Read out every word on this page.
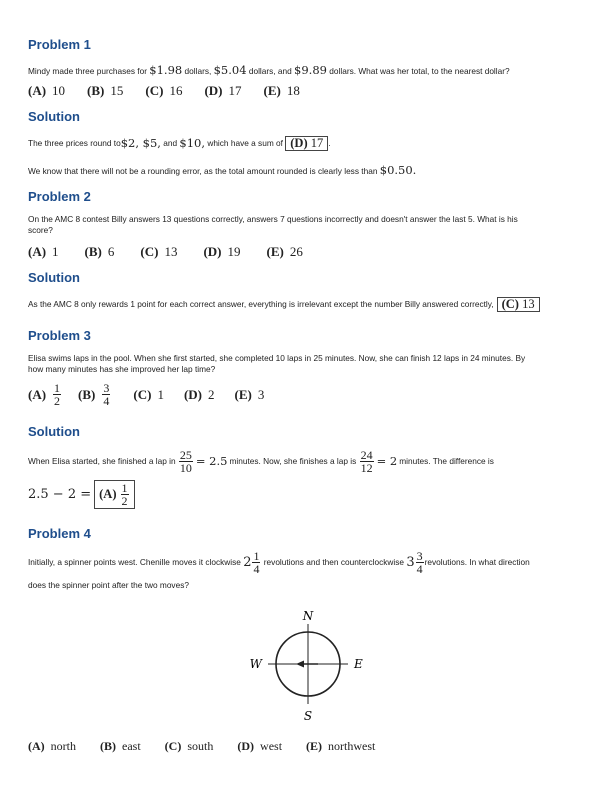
Problem 1
Mindy made three purchases for $1.98 dollars, $5.04 dollars, and $9.89 dollars. What was her total, to the nearest dollar?
(A) 10 (B) 15 (C) 16 (D) 17 (E) 18
Solution
The three prices round to $2, $5, and $10, which have a sum of (D) 17 .
We know that there will not be a rounding error, as the total amount rounded is clearly less than $0.50.
Problem 2
On the AMC 8 contest Billy answers 13 questions correctly, answers 7 questions incorrectly and doesn't answer the last 5. What is his
score?
(A) 1 (B) 6 (C) 13 (D) 19 (E) 26
Solution
As the AMC 8 only rewards 1 point for each correct answer, everything is irrelevant except the number Billy answered correctly, (C) 13
Problem 3
Elisa swims laps in the pool. When she first started, she completed 10 laps in 25 minutes. Now, she can finish 12 laps in 24 minutes. By
how many minutes has she improved her lap time?
$(A) \frac{1}{2} (B) \frac{3}{4} (C)$ 1 (D) 2 (E) 3
Solution
When Elisa started, she finished a lap in $\frac{25}{10} = 2.5$ minutes. Now, she finishes a lap is $\frac{24}{12} = 2$ minutes. The difference is
$2.5 - 2 = (A) \frac{1}{2}$
Problem 4
Initially, a spinner points west. Chenille moves it clockwise $2 \frac{1}{4}$ revolutions and then counterclockwise $3 \frac{3}{4}$ revolutions. In what direction
does the spinner point after the two moves?
N
S
E
W
(A) north (B) east (C) south (D) west (E) northwest
